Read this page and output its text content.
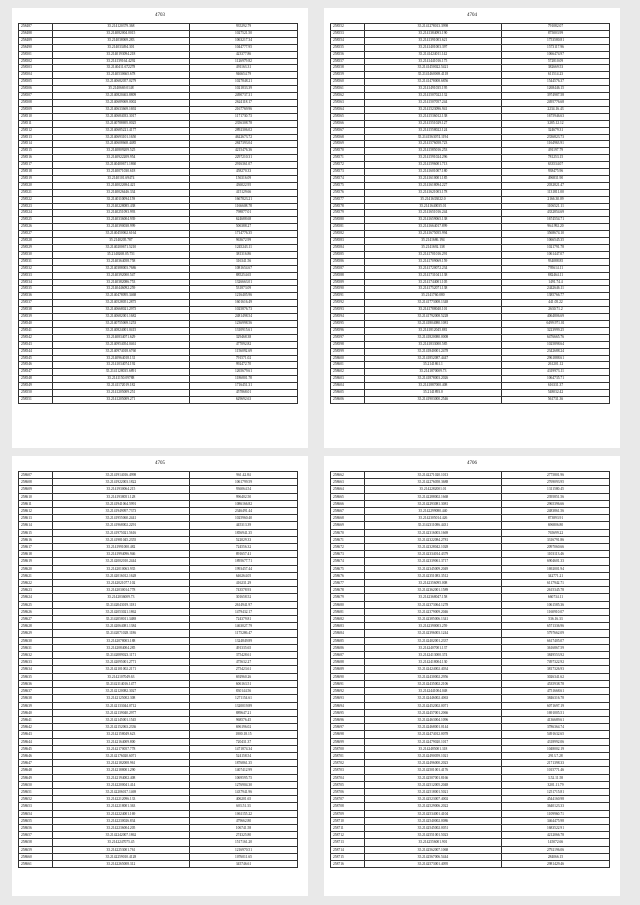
4703
258487	35.214120379.368	935292.79
258488	35.214082004.0015	1027521.50
258489	35.214038069.283	1063217.34
258490	35.214033494.301	1044777.95
258501	35.2140193094.218	423377.86
258502	35.214139164.4292	1126979.82
258503	35.2140411.672278	491163.31
258504	35.2140530665.678	946654.79
258505	35.2140682057.0279	1027848.21
258506	35.2140669.0148	1021833.39
258507	35.2140820463.8809	2490737.31
258508	35.2140689069.0002	2624118.17
258509	35.2140633669.1692	2167769.96
258510	35.2140684033.3017	1171730.73
258511	35.2140788695.0025	2356308.78
258512	35.2140685221.4177	2892306.02
258513	35.2140693101.1650	4622673.72
258514	35.2140608668.4485	2847393.04
258515	35.2140809209.525	4215476.36
258516	35.2140922209.954	2297210.31
258517	35.2140400671.1860	2916361.07
258518	35.2140071030.618	458270.33
258519	35.2140101.69474	156316.09
258520	35.2140022694.421	436022.95
258521	35.2140026446.334	415129.66
258522	35.2140110094.159	1667823.21
258523	35.2140228085.438	1166608.78
258524	35.2140251093.993	798877.01
258525	35.2140336004.939	624688.68
258526	35.2140390038.999	506388.27
258527	35.2140450062.6164	1714776.35
258528	35.2140205.787	963672.99
258529	35.2140200671.5210	1245243.11
258530	35.2140268.05.751	381316.86
258531	35.2140364058.758	316341.56
258532	35.2140388003.7686	1081654.67
258533	35.2140392000.547	885254.65
258534	35.2140382086.753	1326663.01
258535	35.2140446092.259	531873.09
258536	35.2140478095.3468	1216405.96
258537	35.2140528051.2875	1601616.49
258538	35.2140668021.2975	1025876.73
258539	35.2140682001.1682	2481498.54
258540	35.2140755069.1253	1236998.56
258541	35.2140824001.0415	1310915.61
258542	35.2140834071.629	329468.38
258543	35.2140954054.0461	477092.82
258544	35.2140974018.6760	1156092.69
258545	35.2140964018.131	791571.02
258546	35.2141034074.192	992472.70
258547	35.2141128035.6891	1265679.61
258548	35.2141150.09788	1186801.78
258549	35.2141172019.182	1716451.31
258550	35.2141205009.251	457868.01
258551	35.2141205009.271	629692.63
4704
258552	35.2141278013.3998	791082.07
258553	35.2141384093.190	875003.99
258554	35.2141391003.621	1753580.81
258555	35.2141401003.397	1573117.96
258556	35.2141424011.142	1066474.97
258557	35.2141441016.175	572810.09
258558	35.2141450022.5421	382669.53
258559	35.2141460069.4118	611514.23
258560	35.2141478008.6856	1544576.37
258561	35.2141491035.195	1268446.15
258562	35.2141507022.132	3974987.58
258563	35.2141507057.244	2495776.68
258564	35.2141523096.941	2234.16.43
258565	35.2141536012.138	1675946.63
258566	35.2141551029.127	3285.12.12
258567	35.2141558022.124	324679.31
258568	35.2141563074.1194	2336823.73
258569	35.2141576058.723	1164963.91
258570	35.2141585016.253	491197.79
258571	35.2141591024.296	781253.15
258572	35.2141596001.713	633534.07
258573	35.2141601007.180	938475.96
258574	35.2141610001.185	496831.90
258575	35.2141618094.227	2032821.47
258576	35.2141621003.178	1131811.00
258577	35.2141633022.0	2166.30.09
258578	35.2141640035.01	1106521.11
258579	35.2141651016.244	4332854.69
258580	35.2141659065.138	1674554.71
258581	35.2141664017.899	964.992.20
258582	35.2141675055.994	3568674.10
258583	35.2141686.194	1066545.35
258584	35.2141692.138	1021791.78
258585	35.2141701016.291	1061447.07
258586	35.2141709069.159	934088.85
258587	35.2141720072.234	795614.11
258588	35.2141731041.138	882464.11
258589	35.2141744001.105	1491.74.4
258590	35.2141752071.138	2442646.11
258591	35.2141760.080	1385766.77
258592	35.2141773008.1348	441.05.22
258593	35.2141788040.101	2630.71.2
258594	35.2141792008.5228	4064806.69
258595	35.2141804080.1081	6499.971.01
258596	35.2141812045.881	3223999.25
258597	35.2141820080.0008	6476665.76
258598	35.2141833000.585	1025898.64
258599	35.2141840001.2478	2342688.24
258600	35.2141852087.4447	2961888.61
258601	35.2141861.1	261201.12
258602	35.2141870009.73	4319973.11
258603	35.2141878003.2026	1064735.71
258604	35.2141887000.408	616331.37
258605	35.2141893.0	548032.42
258606	35.2141903000.2546	561731.36
4705
258607	35.2141914016.4998	961.42.84
258608	35.2141922003.1822	1061799.59
258609	35.2141930064.215	936064.54
258610	35.2141938051.128	996402.50
258611	35.2141941064.5991	1086166.82
258612	35.2141949097.7373	2346491.44
258613	35.2141955060.2441	1025960.40
258614	35.2141968002.2291	445313.39
258615	35.2141975021.5616	1856941.35
258616	35.2141981045.2355	522029.33
258617	35.2141991000.482	724556.32
258618	35.2141994096.946	891657.41
258619	35.2142002010.2444	1895677.71
258620	35.2142010063.935	1993457.44
258621	35.2142016012.1628	646264.05
258622	35.2142021077.102	416231.29
258623	35.2142030014.778	743578.93
258624	35.2142036009.73	301658.52
258625	35.2142043019.1181	2614941.97
258626	35.2142053021.1862	1479432.17
258627	35.2142058011.3488	724379.81
258628	35.2142064081.1384	1463027.79
258629	35.2142071028.1186	1175286.47
258630	35.2142078003.188	1324849.89
258631	35.2142084004.285	491335.65
258632	35.2142089023.1171	375428.61
258633	35.2142095001.2771	475632.27
258634	35.2142101002.2171	275423.61
258635	35.2142107049.63	692960.26
258636	35.2142114016.1477	606163.51
258637	35.2142120082.3027	830144.56
258638	35.2142125002.308	1271154.61
258639	35.2142133044.0712	1320019.89
258640	35.2142139040.2977	889647.21
258641	35.2142145001.1545	968576.45
258642	35.2142152063.2336	696196.02
258643	35.2142158049.623	1800.18.15
258644	35.2142164009.800	720431.37
258645	35.2142170057.778	1471874.34
258646	35.2142176020.6071	524158.54
258647	35.2142182008.961	1876861.35
258648	35.2142188001.290	1407412.99
258649	35.2142194002.408	1069595.75
258650	35.2142200041.414	1276904.30
258651	35.2142206017.1469	1437941.96
258652	35.2142212096.133	406201.65
258653	35.2142218001.363	603.51.33
258654	35.2142224001.169	1061155.22
258655	35.2142230026.834	479662.80
258656	35.2142236004.205	106741.58
258657	35.2142242007.1862	274325.80
258658	35.2142247075.45	1517161.20
258659	35.2142253001.761	1216970.51
258660	35.2142259010.4128	1076011.65
258661	35.2142265008.312	345746.61
4706
258662	35.2142271020.1013	2775801.96
258663	35.2142276058.3688	2769093.95
258664	35.2142282001.01	1311580.45
258665	35.2142288002.1668	2395851.56
258666	35.2142293081.3081	2965396.66
258667	35.2142299080.440	2483861.56
258668	35.2142305014.426	873893.91
258669	35.2142311086.4431	696806.80
258670	35.2142316003.1669	765699.22
258671	35.2142322084.2781	3316791.86
258672	35.2142328042.1028	2097060.66
258673	35.2142334014.4379	1103113.46
258674	35.2142339061.3717	6904601.33
258675	35.2142345009.2049	1692001.94
258676	35.2142351083.3512	342771.21
258677	35.2142356095.008	6117942.71
258678	35.2142362001.1589	2615345.78
258679	35.2142368047.158	660734.11
258680	35.2142373064.1278	1061585.36
258681	35.2142379009.2046	1160910.07
258682	35.2142385006.1341	536.16.33
258683	35.2142390003.259	6571336.96
258684	35.2142396003.1244	5797662.09
258685	35.2142402001.2337	6617405.07
258686	35.2142407001.137	3616867.59
258687	35.2142413000.374	3849553.92
258688	35.2142418004.130	7497322.92
258689	35.2142424002.4034	3817326.93
258690	35.2142430002.2956	3026341.62
258691	35.2142435002.2106	4535938.78
258692	35.2142441004.048	4751668.61
258693	35.2142446002.4063	3846316.78
258694	35.2142452002.0071	6071697.19
258695	35.2142457001.2066	1691005.51
258696	35.2142463004.1096	4136689.61
258697	35.2142468001.0144	3786364.74
258698	35.2142474012.0078	5491632.65
258699	35.2142479020.1017	4318992.06
258700	35.2142485001.318	1048002.19
258701	35.2142490059.1021	2913.7.28
258702	35.2142496000.2023	2171398.33
258703	35.2142501001.4176	1015771.46
258704	35.2142507001.8166	3.52.11.58
258705	35.2142512005.2048	3201.11.79
258706	35.2142518001.5021	1251715.81
258707	35.2142523007.4002	4544160.98
258708	35.2142529006.2022	3640123.33
258709	35.2142534001.4104	1109960.71
258710	35.2142540002.0086	3464475.98
258711	35.2142545002.0051	1683522.91
258712	35.2142551001.5023	4212066.78
258713	35.2142556001.901	145072.66
258714	35.2142562007.1068	2792196.06
258715	35.2142567006.5444	284066.15
258716	35.2142573001.4095	2981429.46
